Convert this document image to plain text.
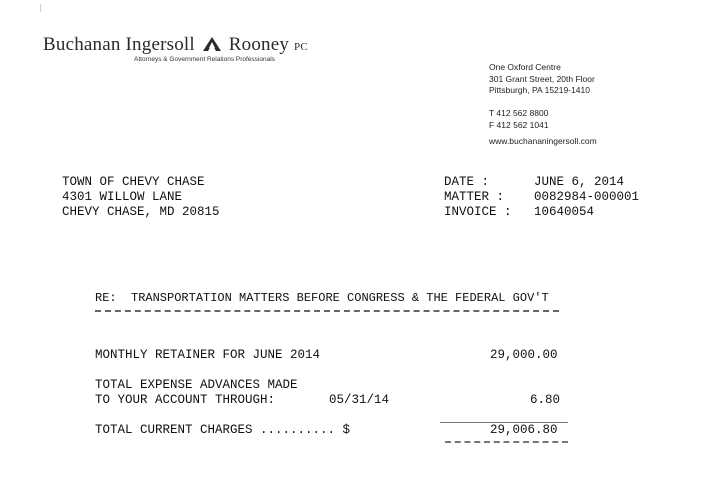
Buchanan Ingersoll Rooney PC
Attorneys & Government Relations Professionals
One Oxford Centre
301 Grant Street, 20th Floor
Pittsburgh, PA 15219-1410
T 412 562 8800
F 412 562 1041
www.buchananingersoll.com
TOWN OF CHEVY CHASE
4301 WILLOW LANE
CHEVY CHASE, MD 20815
DATE :	JUNE 6, 2014
MATTER : 0082984-000001
INVOICE : 10640054
RE:  TRANSPORTATION MATTERS BEFORE CONGRESS & THE FEDERAL GOV'T
MONTHLY RETAINER FOR JUNE 2014	29,000.00
TOTAL EXPENSE ADVANCES MADE
TO YOUR ACCOUNT THROUGH:	05/31/14	6.80
TOTAL CURRENT CHARGES .......... $	29,006.80
